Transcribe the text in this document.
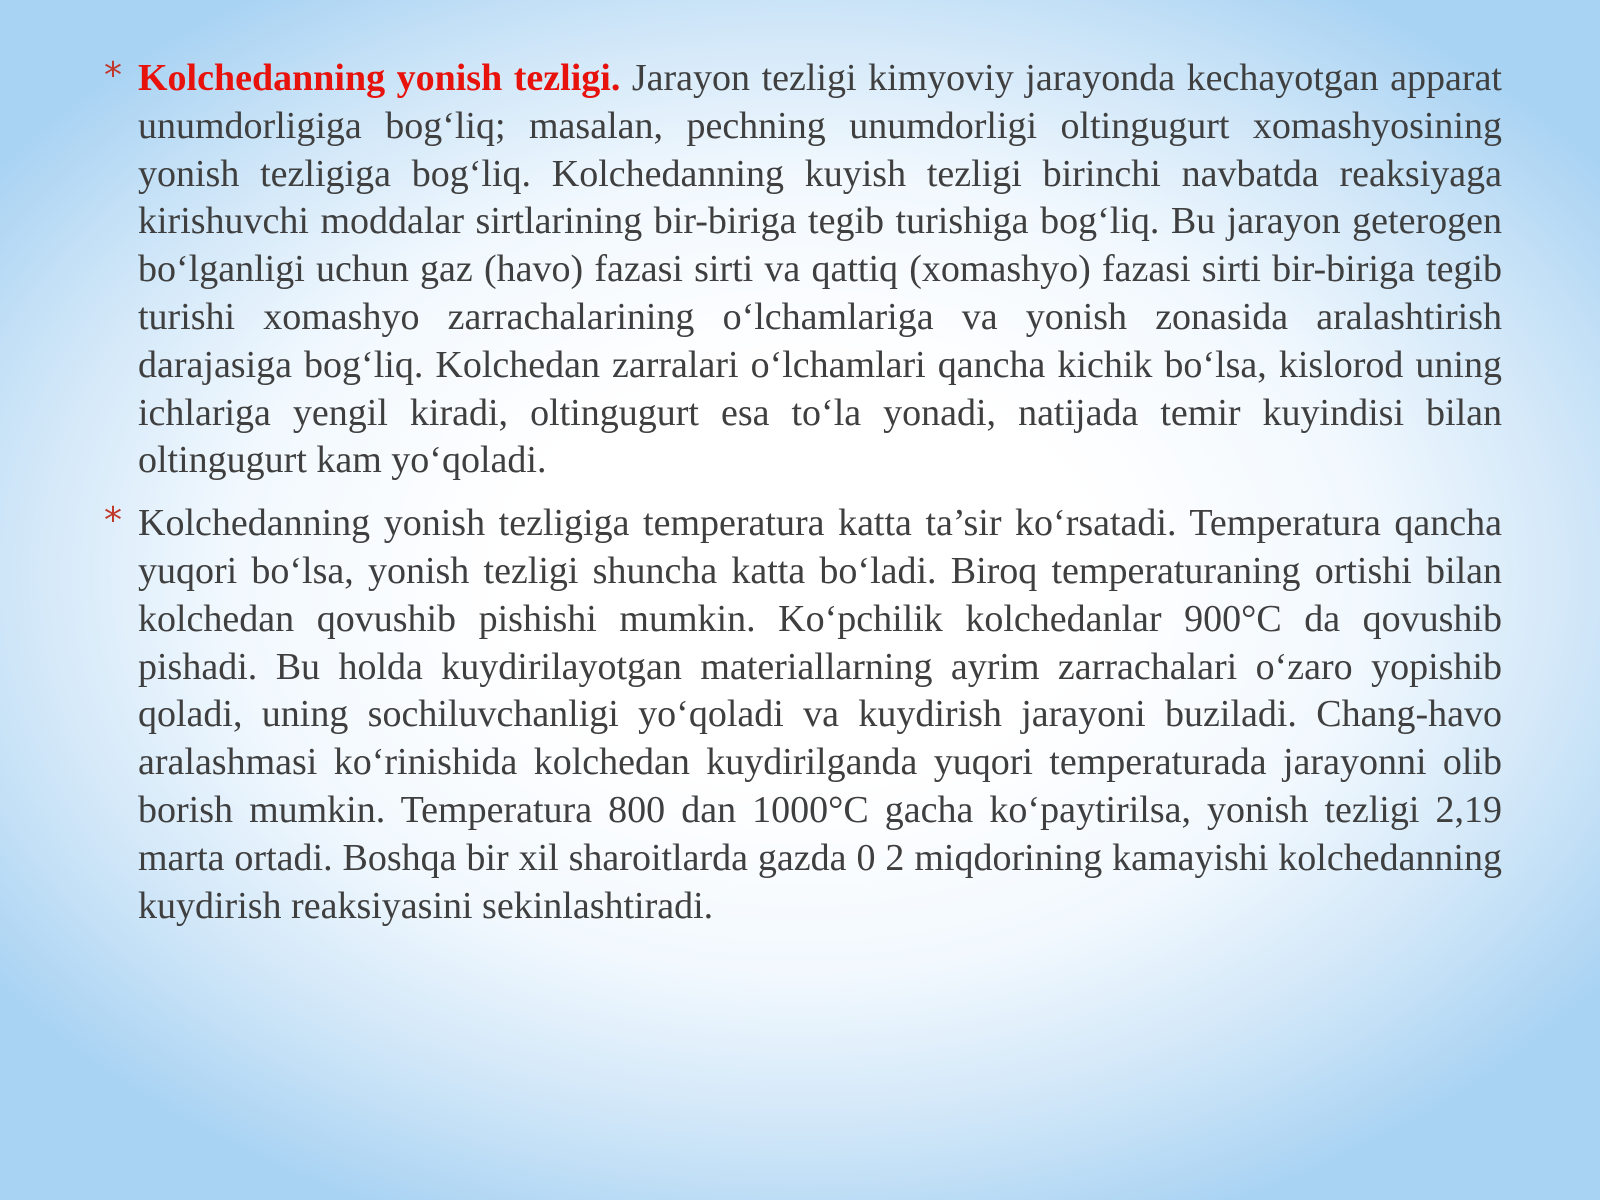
* Kolchedanning yonish tezligi. Jarayon tezligi kimyoviy jarayonda kechayotgan apparat unumdorligiga bog‘liq; masalan, pechning unumdorligi oltingugurt xomashyosining yonish tezligiga bog‘liq. Kolchedanning kuyish tezligi birinchi navbatda reaksiyaga kirishuvchi moddalar sirtlarining bir-biriga tegib turishiga bog‘liq. Bu jarayon geterogen bo‘lganligi uchun gaz (havo) fazasi sirti va qattiq (xomashyo) fazasi sirti bir-biriga tegib turishi xomashyo zarrachalarining o‘lchamlariga va yonish zonasida aralashtirish darajasiga bog‘liq. Kolchedan zarralari o‘lchamlari qancha kichik bo‘lsa, kislorod uning ichlariga yengil kiradi, oltingugurt esa to‘la yonadi, natijada temir kuyindisi bilan oltingugurt kam yo‘qoladi.
* Kolchedanning yonish tezligiga temperatura katta ta’sir ko‘rsatadi. Temperatura qancha yuqori bo‘lsa, yonish tezligi shuncha katta bo‘ladi. Biroq temperaturaning ortishi bilan kolchedan qovushib pishishi mumkin. Ko‘pchilik kolchedanlar 900°C da qovushib pishadi. Bu holda kuydirilayotgan materiallarning ayrim zarrachalari o‘zaro yopishib qoladi, uning sochiluvchanligi yo‘qoladi va kuydirish jarayoni buziladi. Chang-havo aralashmasi ko‘rinishida kolchedan kuydirilganda yuqori temperaturada jarayonni olib borish mumkin. Temperatura 800 dan 1000°C gacha ko‘paytirilsa, yonish tezligi 2,19 marta ortadi. Boshqa bir xil sharoitlarda gazda 0 2 miqdorining kamayishi kolchedanning kuydirish reaksiyasini sekinlashtiradi.
